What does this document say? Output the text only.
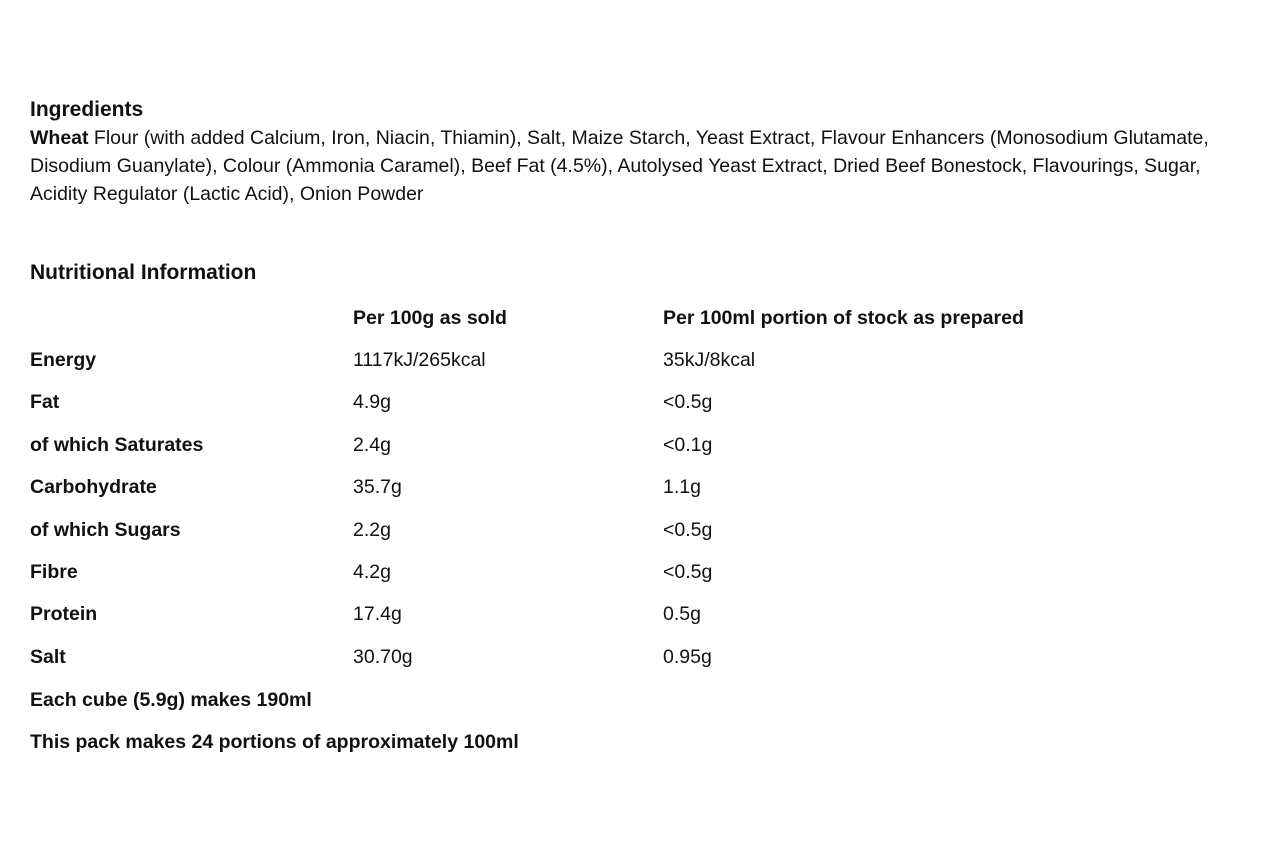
Ingredients

Wheat Flour (with added Calcium, Iron, Niacin, Thiamin), Salt, Maize Starch, Yeast Extract, Flavour Enhancers (Monosodium Glutamate, Disodium Guanylate), Colour (Ammonia Caramel), Beef Fat (4.5%), Autolysed Yeast Extract, Dried Beef Bonestock, Flavourings, Sugar, Acidity Regulator (Lactic Acid), Onion Powder

Nutritional Information
	Per 100g as sold	Per 100ml portion of stock as prepared
Energy	1117kJ/265kcal	35kJ/8kcal
Fat	4.9g	<0.5g
of which Saturates	2.4g	<0.1g
Carbohydrate	35.7g	1.1g
of which Sugars	2.2g	<0.5g
Fibre	4.2g	<0.5g
Protein	17.4g	0.5g
Salt	30.70g	0.95g

Each cube (5.9g) makes 190ml

This pack makes 24 portions of approximately 100ml
